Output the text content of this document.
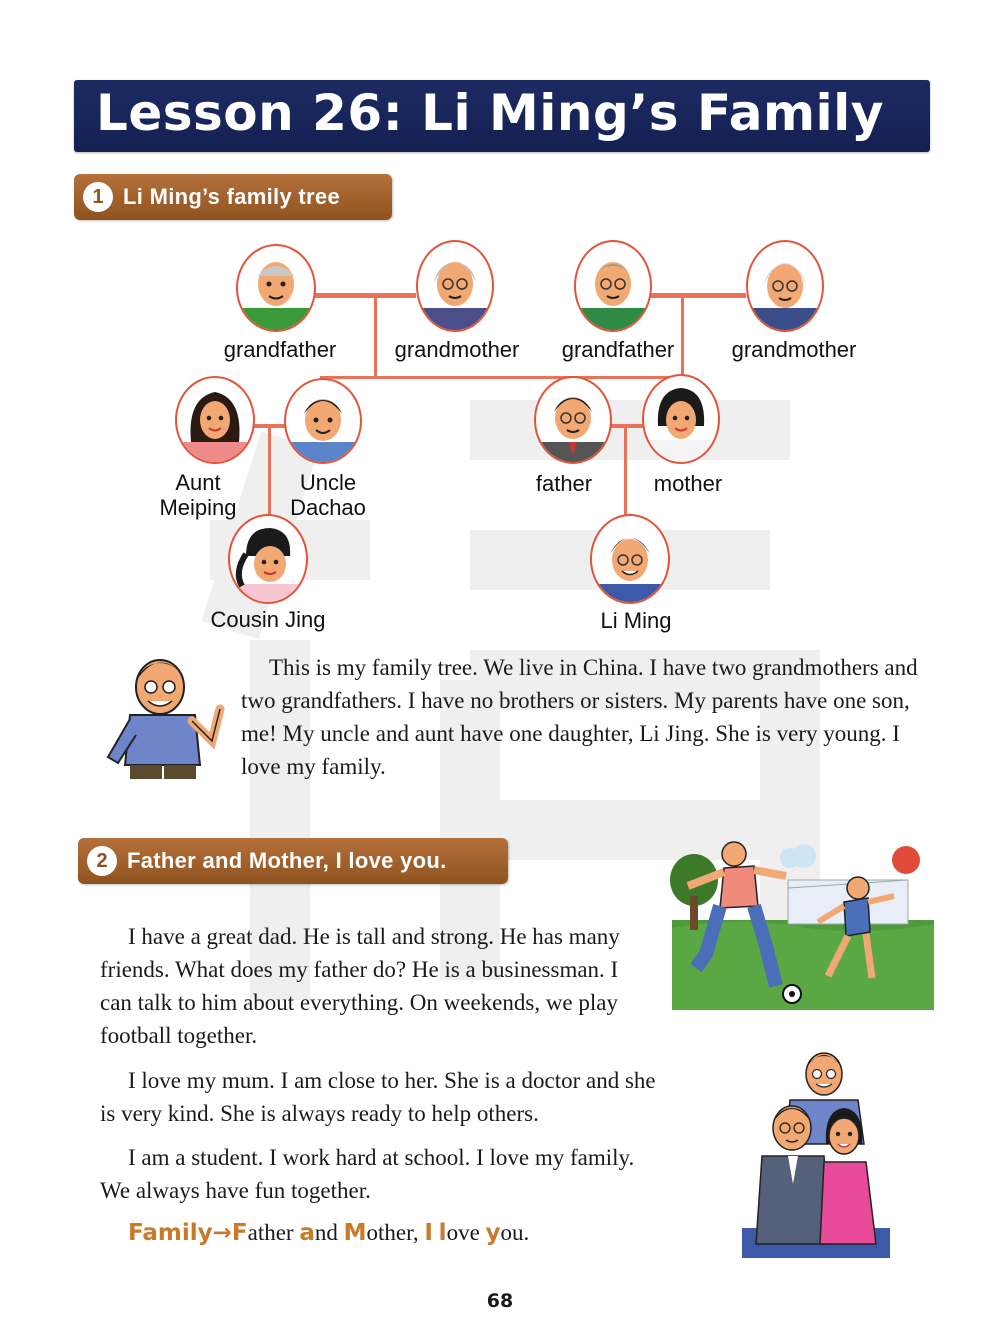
Lesson 26: Li Ming’s Family
1 Li Ming’s family tree
grandfather	grandmother	grandfather	grandmother
Aunt
Meiping
Uncle
Dachao
father	mother
Cousin Jing	Li Ming

This is my family tree. We live in China. I have two grandmothers and two grandfathers. I have no brothers or sisters. My parents have one son, me! My uncle and aunt have one daughter, Li Jing. She is very young. I love my family.

2 Father and Mother, I love you.

I have a great dad. He is tall and strong. He has many friends. What does my father do? He is a businessman. I can talk to him about everything. On weekends, we play football together.

I love my mum. I am close to her. She is a doctor and she is very kind. She is always ready to help others.

I am a student. I work hard at school. I love my family. We always have fun together.

Family→Father and Mother, I love you.
68
